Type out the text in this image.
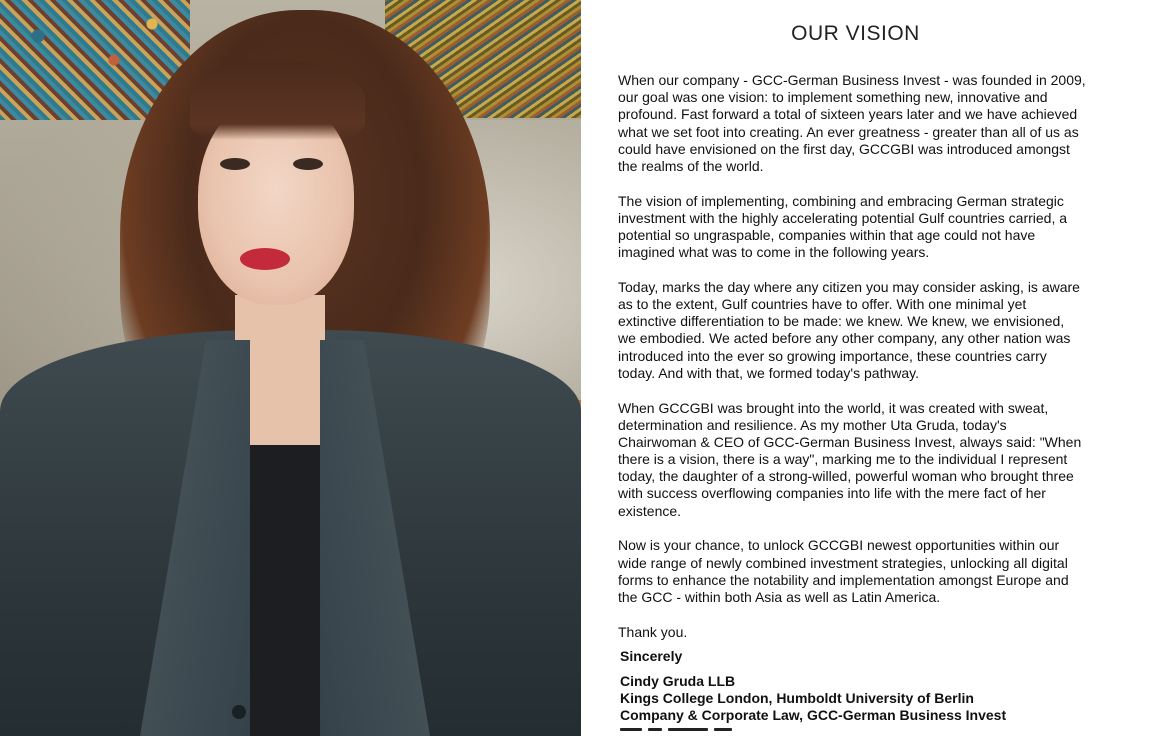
OUR VISION
When our company - GCC-German Business Invest - was founded in 2009,
our goal was one vision: to implement something new, innovative and
profound. Fast forward a total of sixteen years later and we have achieved
what we set foot into creating. An ever greatness - greater than all of us as
could have envisioned on the first day, GCCGBI was introduced amongst
the realms of the world.
The vision of implementing, combining and embracing German strategic
investment with the highly accelerating potential Gulf countries carried, a
potential so ungraspable, companies within that age could not have
imagined what was to come in the following years.
Today, marks the day where any citizen you may consider asking, is aware
as to the extent, Gulf countries have to offer. With one minimal yet
extinctive differentiation to be made: we knew. We knew, we envisioned,
we embodied. We acted before any other company, any other nation was
introduced into the ever so growing importance, these countries carry
today. And with that, we formed today's pathway.
When GCCGBI was brought into the world, it was created with sweat,
determination and resilience. As my mother Uta Gruda, today's
Chairwoman & CEO of GCC-German Business Invest, always said: "When
there is a vision, there is a way", marking me to the individual I represent
today, the daughter of a strong-willed, powerful woman who brought three
with success overflowing companies into life with the mere fact of her
existence.
Now is your chance, to unlock GCCGBI newest opportunities within our
wide range of newly combined investment strategies, unlocking all digital
forms to enhance the notability and implementation amongst Europe and
the GCC - within both Asia as well as Latin America.
Thank you.
Sincerely
Cindy Gruda LLB
Kings College London, Humboldt University of Berlin
Company & Corporate Law, GCC-German Business Invest
